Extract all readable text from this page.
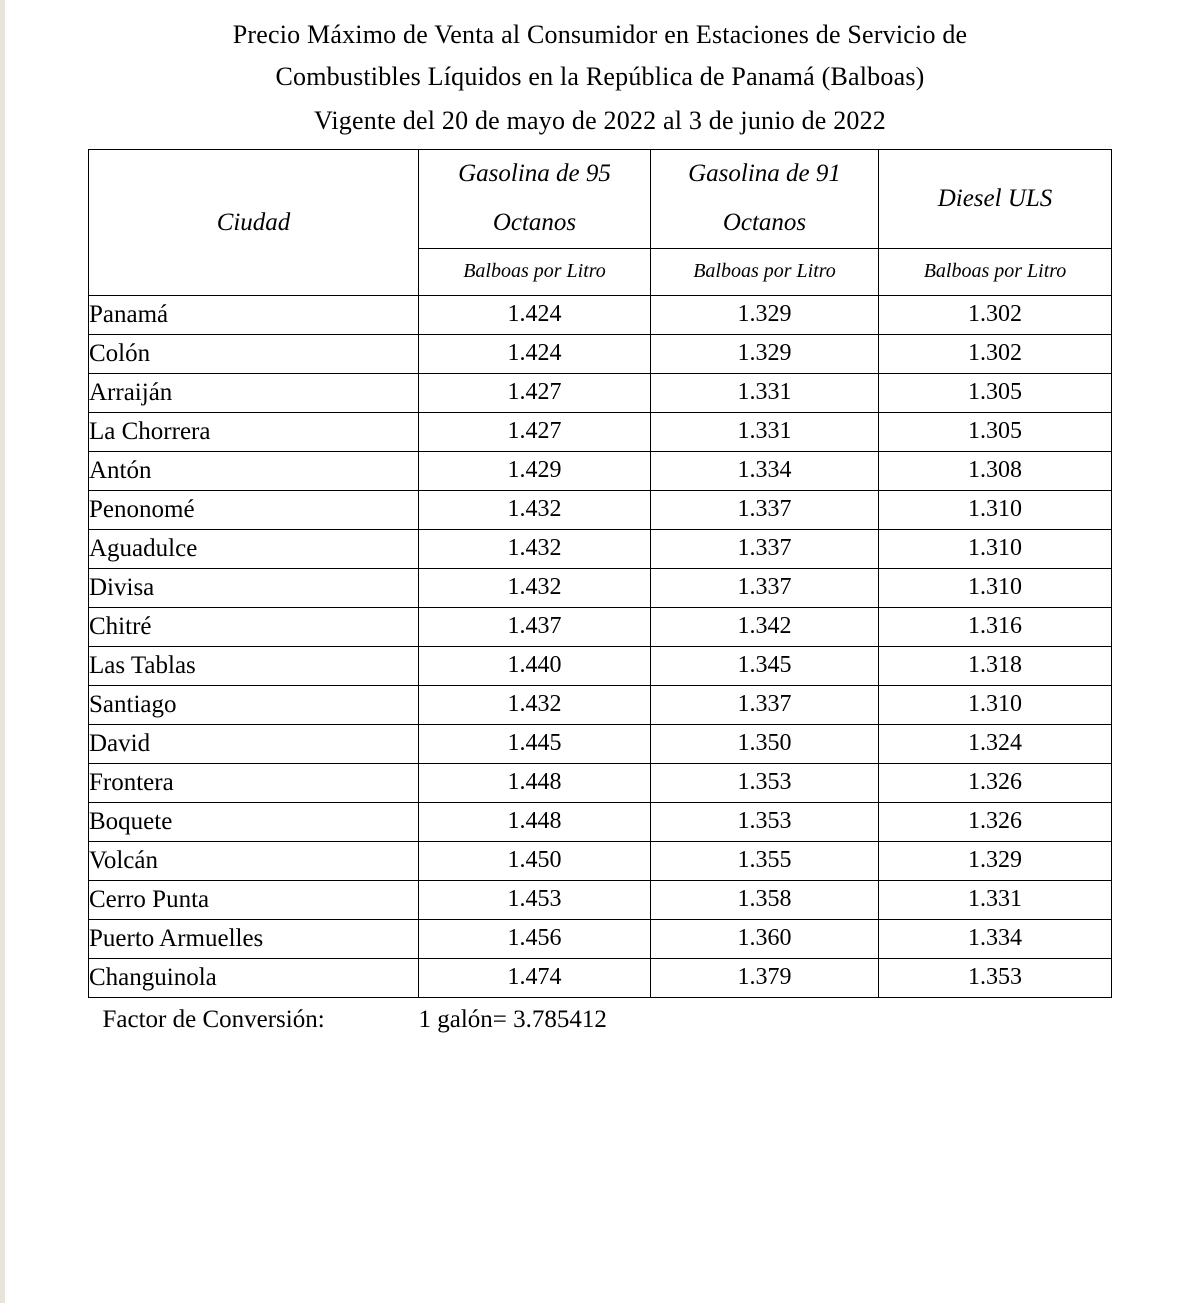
Precio Máximo de Venta al Consumidor en Estaciones de Servicio de
Combustibles Líquidos en la República de Panamá (Balboas)
Vigente del 20 de mayo de 2022 al 3 de junio de 2022
Ciudad	Gasolina de 95 Octanos	Gasolina de 91 Octanos	Diesel ULS
	Balboas por Litro	Balboas por Litro	Balboas por Litro
Panamá	1.424	1.329	1.302
Colón	1.424	1.329	1.302
Arraiján	1.427	1.331	1.305
La Chorrera	1.427	1.331	1.305
Antón	1.429	1.334	1.308
Penonomé	1.432	1.337	1.310
Aguadulce	1.432	1.337	1.310
Divisa	1.432	1.337	1.310
Chitré	1.437	1.342	1.316
Las Tablas	1.440	1.345	1.318
Santiago	1.432	1.337	1.310
David	1.445	1.350	1.324
Frontera	1.448	1.353	1.326
Boquete	1.448	1.353	1.326
Volcán	1.450	1.355	1.329
Cerro Punta	1.453	1.358	1.331
Puerto Armuelles	1.456	1.360	1.334
Changuinola	1.474	1.379	1.353
Factor de Conversión:	1 galón= 3.785412
